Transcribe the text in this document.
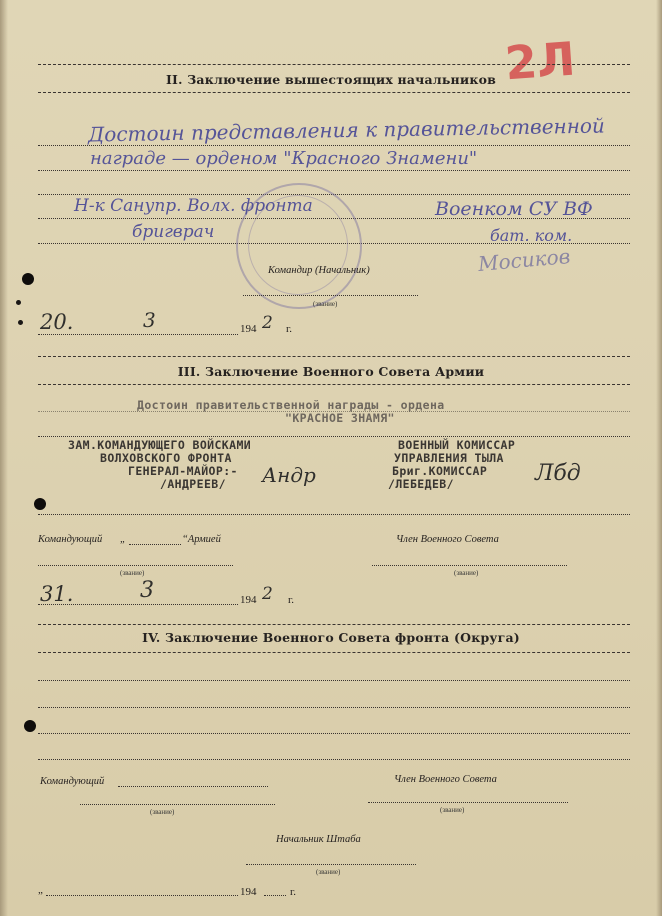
2Л
II. Заключение вышестоящих начальников
Достоин представления к правительственной
награде — орденом "Красного Знамени"
Н-к Санупр. Волх. фронта
бригврач
Военком СУ ВФ
бат. ком.
Мосиков
Командир (Начальник)
(звание)
20.	3	194 2 г.
III. Заключение Военного Совета Армии
Достоин правительственной награды - ордена
"КРАСНОЕ ЗНАМЯ"
ЗАМ.КОМАНДУЮЩЕГО ВОЙСКАМИ
ВОЛХОВСКОГО ФРОНТА
ГЕНЕРАЛ-МАЙОР:-
/АНДРЕЕВ/ Андр
ВОЕННЫЙ КОМИССАР
УПРАВЛЕНИЯ ТЫЛА
Бриг.КОМИССАР
/ЛЕБЕДЕВ/	Лбд
Командующий „	“Армией	Член Военного Совета
(звание)	(звание)
31.	3	194 2 г.
IV. Заключение Военного Совета фронта (Округа)
Командующий	Член Военного Совета
(звание)	(звание)
Начальник Штаба
(звание)
„	194	г.
